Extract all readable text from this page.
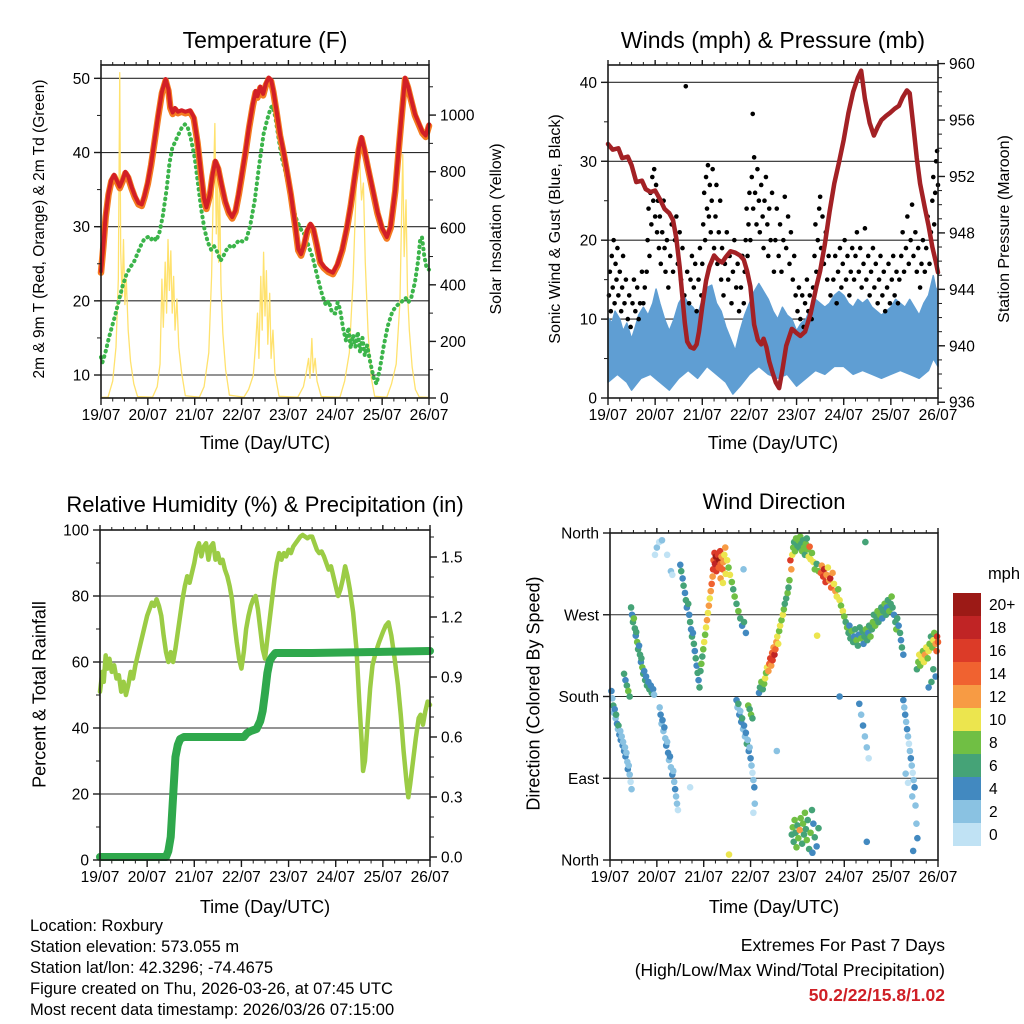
19/07 20/07 21/07 22/07 23/07 24/07 25/07 26/07
10
20
30
40
50
0
200
400
600
800
1000
19/07 20/07 21/07 22/07 23/07 24/07 25/07 26/07
0
10
20
30
40
936
940
944
948
952
956
960
19/07 20/07 21/07 22/07 23/07 24/07 25/07 26/07
0
20
40
60
80
100
0.0
0.3
0.6
0.9
1.2
1.5
19/07 20/07 21/07 22/07 23/07 24/07 25/07 26/07
North
East
South
West
North
20+
18
16
14
12
10
8
6
4
2
0
Temperature (F)	Winds (mph) & Pressure (mb)
Relative Humidity (%) & Precipitation (in)	Wind Direction
Time (Day/UTC)	Time (Day/UTC)
Time (Day/UTC)	Time (Day/UTC)
2m & 9m T (Red, Orange) & 2m Td (Green)	Solar Insolation (Yellow)	Sonic Wind & Gust (Blue, Black)	Station Pressure (Maroon)
Percent & Total Rainfall	Direction (Colored By Speed)
mph
Location: Roxbury
Station elevation: 573.055 m
Station lat/lon: 42.3296; -74.4675
Figure created on Thu, 2026-03-26, at 07:45 UTC
Most recent data timestamp: 2026/03/26 07:15:00
Extremes For Past 7 Days
(High/Low/Max Wind/Total Precipitation)
50.2/22/15.8/1.02
